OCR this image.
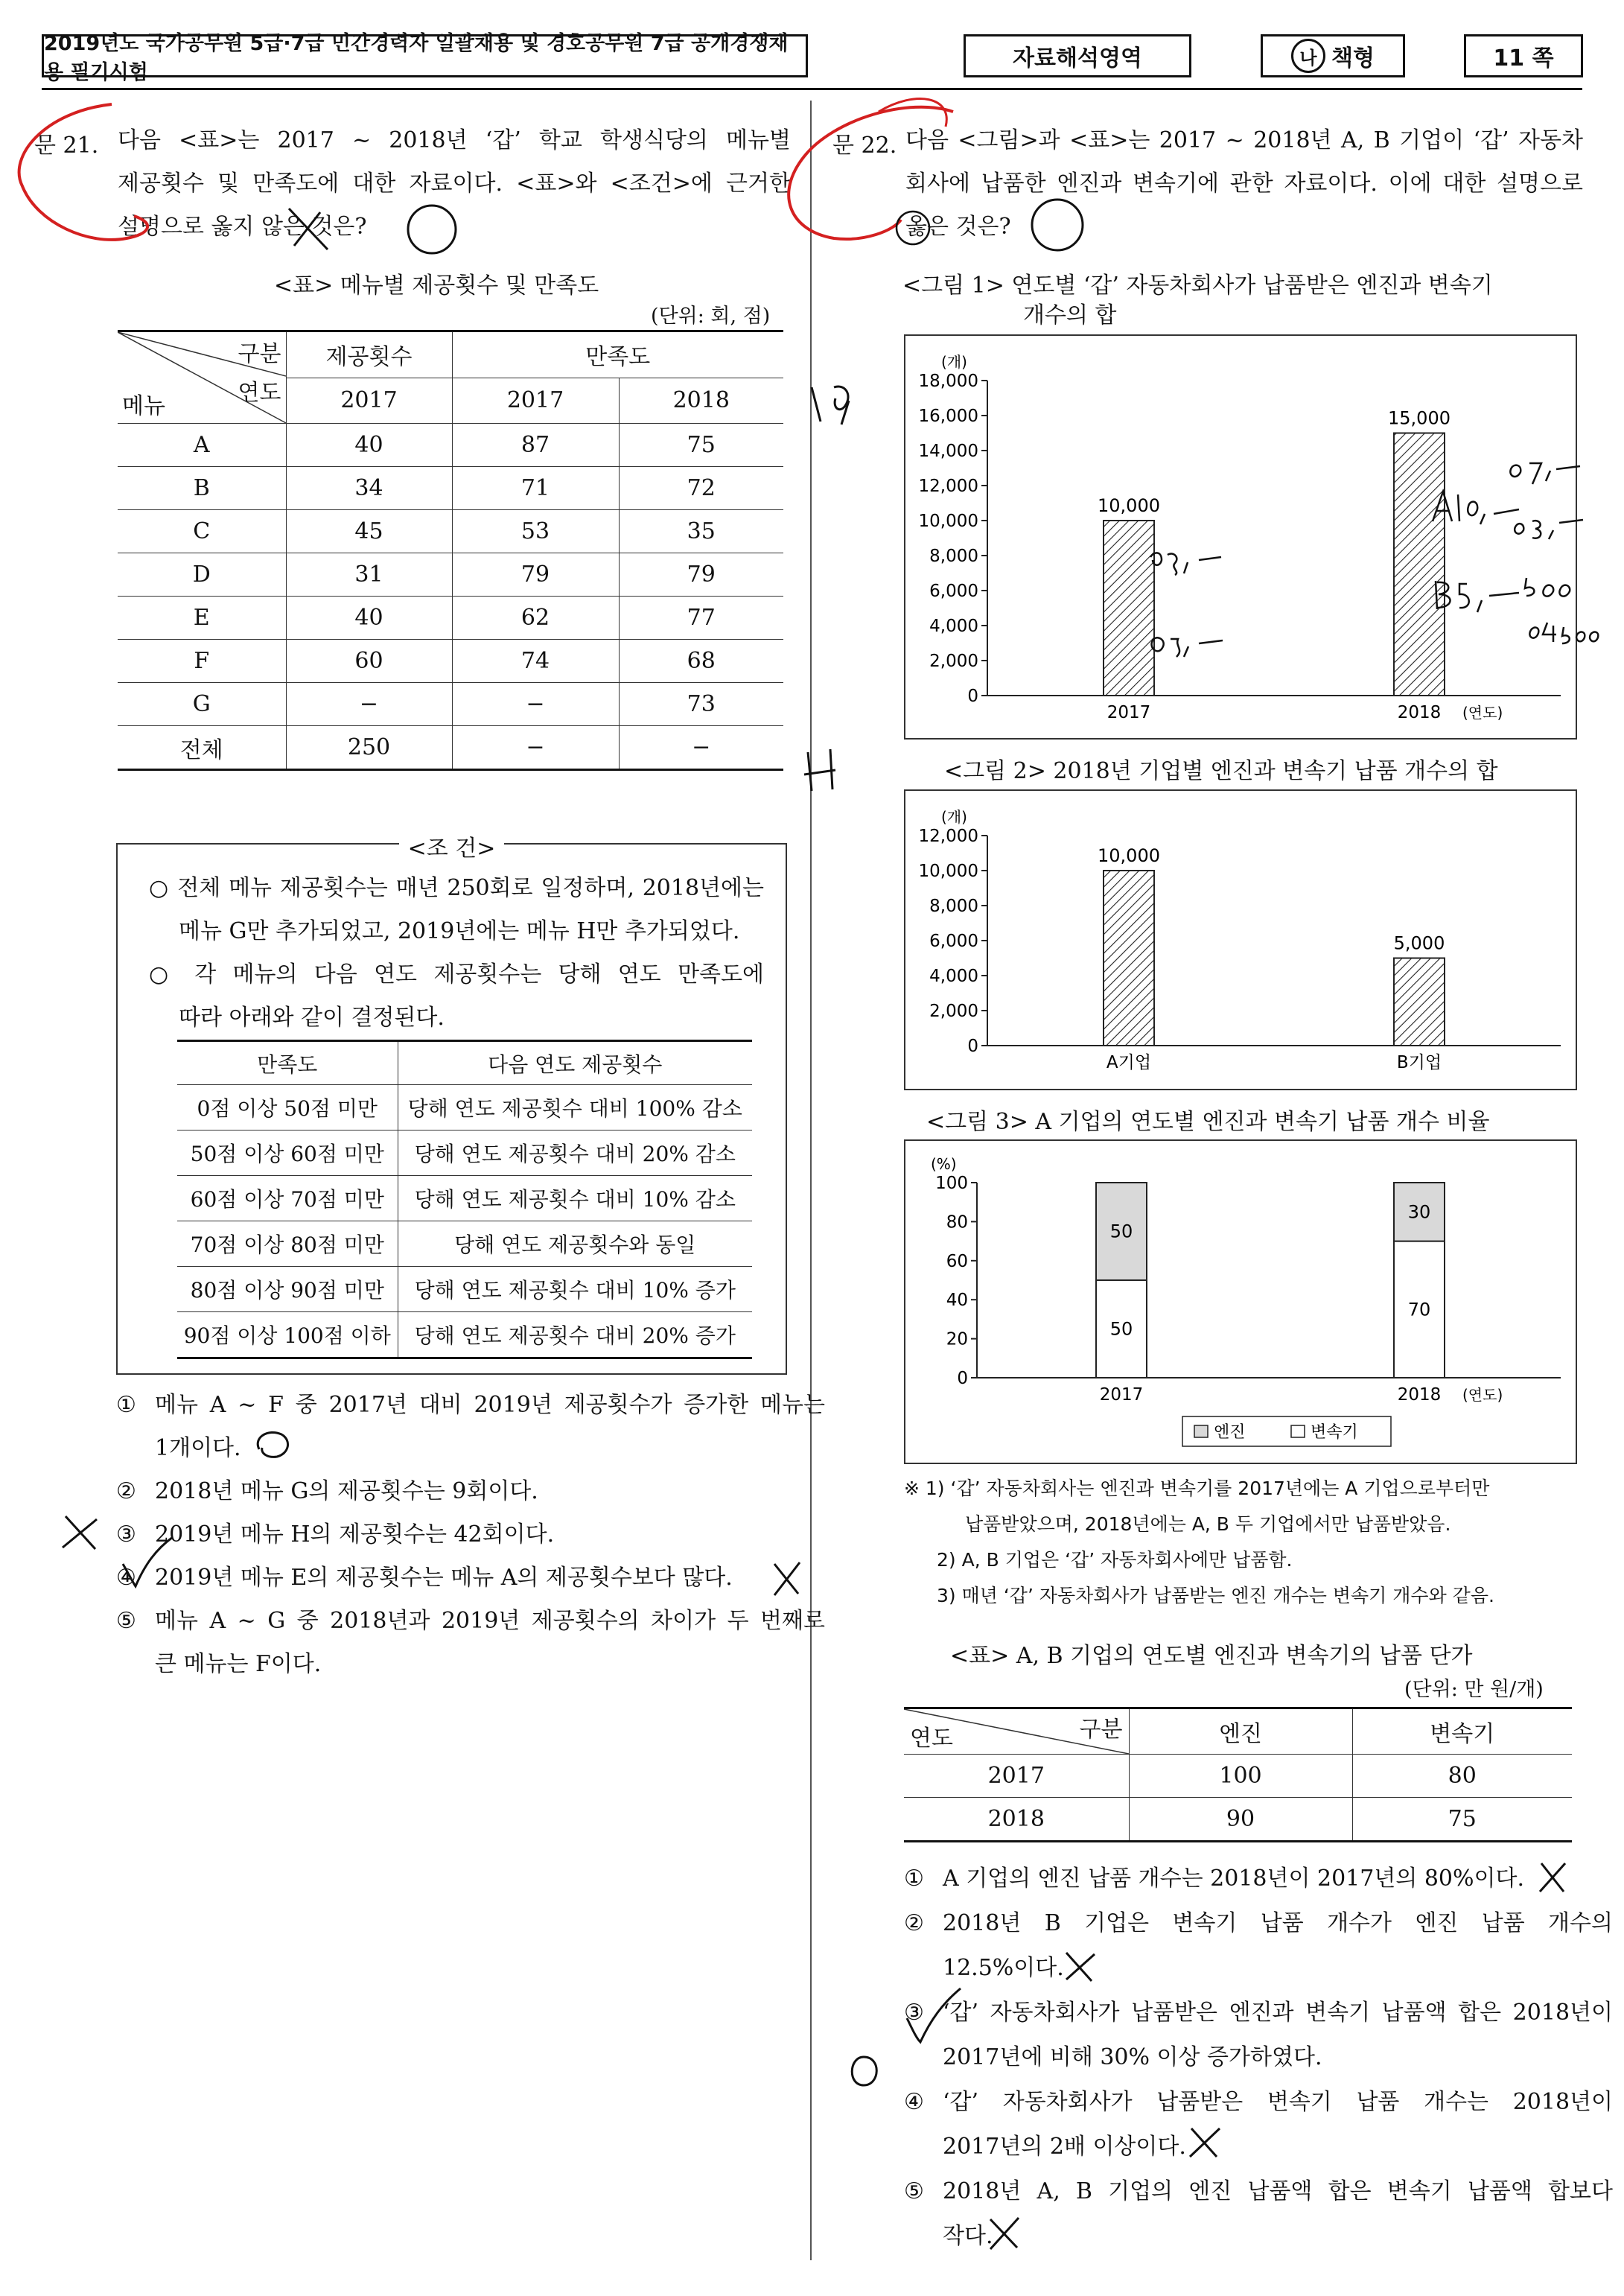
2019년도 국가공무원 5급·7급 민간경력자 일괄채용 및 경호공무원 7급 공개경쟁채용 필기시험
자료해석영역	나 책형	11 쪽
문 21. 다음 <표>는 2017 ~ 2018년 ‘갑’ 학교 학생식당의 메뉴별
제공횟수 및 만족도에 대한 자료이다. <표>와 <조건>에 근거한
설명으로 옳지 않은 것은?
<표> 메뉴별 제공횟수 및 만족도
(단위: 회, 점)
구분
연도
메뉴	제공횟수	만족도	
	2017	2017	2018
A	40	87	75
B	34	71	72
C	45	53	35
D	31	79	79
E	40	62	77
F	60	74	68
G	−	−	73
전체	250	−	−
<조 건>
○ 전체 메뉴 제공횟수는 매년 250회로 일정하며, 2018년에는
메뉴 G만 추가되었고, 2019년에는 메뉴 H만 추가되었다.
○ 각 메뉴의 다음 연도 제공횟수는 당해 연도 만족도에
따라 아래와 같이 결정된다.
만족도	다음 연도 제공횟수
0점 이상 50점 미만	당해 연도 제공횟수 대비 100% 감소
50점 이상 60점 미만	당해 연도 제공횟수 대비 20% 감소
60점 이상 70점 미만	당해 연도 제공횟수 대비 10% 감소
70점 이상 80점 미만	당해 연도 제공횟수와 동일
80점 이상 90점 미만	당해 연도 제공횟수 대비 10% 증가
90점 이상 100점 이하	당해 연도 제공횟수 대비 20% 증가
① 메뉴 A ~ F 중 2017년 대비 2019년 제공횟수가 증가한 메뉴는
1개이다.
② 2018년 메뉴 G의 제공횟수는 9회이다.
③ 2019년 메뉴 H의 제공횟수는 42회이다.
④ 2019년 메뉴 E의 제공횟수는 메뉴 A의 제공횟수보다 많다.
⑤ 메뉴 A ~ G 중 2018년과 2019년 제공횟수의 차이가 두 번째로
큰 메뉴는 F이다.
문 22. 다음 <그림>과 <표>는 2017 ~ 2018년 A, B 기업이 ‘갑’ 자동차
회사에 납품한 엔진과 변속기에 관한 자료이다. 이에 대한 설명으로
옳은 것은?
<그림 1> 연도별 ‘갑’ 자동차회사가 납품받은 엔진과 변속기
개수의 합
(개)
0
2,000
4,000
6,000
8,000
10,000
12,000
14,000
16,000
18,000
10,000
2017
15,000
2018 (연도)
<그림 2> 2018년 기업별 엔진과 변속기 납품 개수의 합
(개)
0
2,000
4,000
6,000
8,000
10,000
12,000
10,000
A기업
5,000
B기업
<그림 3> A 기업의 연도별 엔진과 변속기 납품 개수 비율
(%)
0
20
40
60
80
100
50
50
2017
70
30
2018 (연도)
엔진	변속기
※ 1) ‘갑’ 자동차회사는 엔진과 변속기를 2017년에는 A 기업으로부터만
납품받았으며, 2018년에는 A, B 두 기업에서만 납품받았음.
2) A, B 기업은 ‘갑’ 자동차회사에만 납품함.
3) 매년 ‘갑’ 자동차회사가 납품받는 엔진 개수는 변속기 개수와 같음.
<표> A, B 기업의 연도별 엔진과 변속기의 납품 단가
(단위: 만 원/개)
구분
연도	엔진	변속기
2017	100	80
2018	90	75
① A 기업의 엔진 납품 개수는 2018년이 2017년의 80%이다.
② 2018년 B 기업은 변속기 납품 개수가 엔진 납품 개수의
12.5%이다.
③ ‘갑’ 자동차회사가 납품받은 엔진과 변속기 납품액 합은 2018년이
2017년에 비해 30% 이상 증가하였다.
④ ‘갑’ 자동차회사가 납품받은 변속기 납품 개수는 2018년이
2017년의 2배 이상이다.
⑤ 2018년 A, B 기업의 엔진 납품액 합은 변속기 납품액 합보다
작다.
